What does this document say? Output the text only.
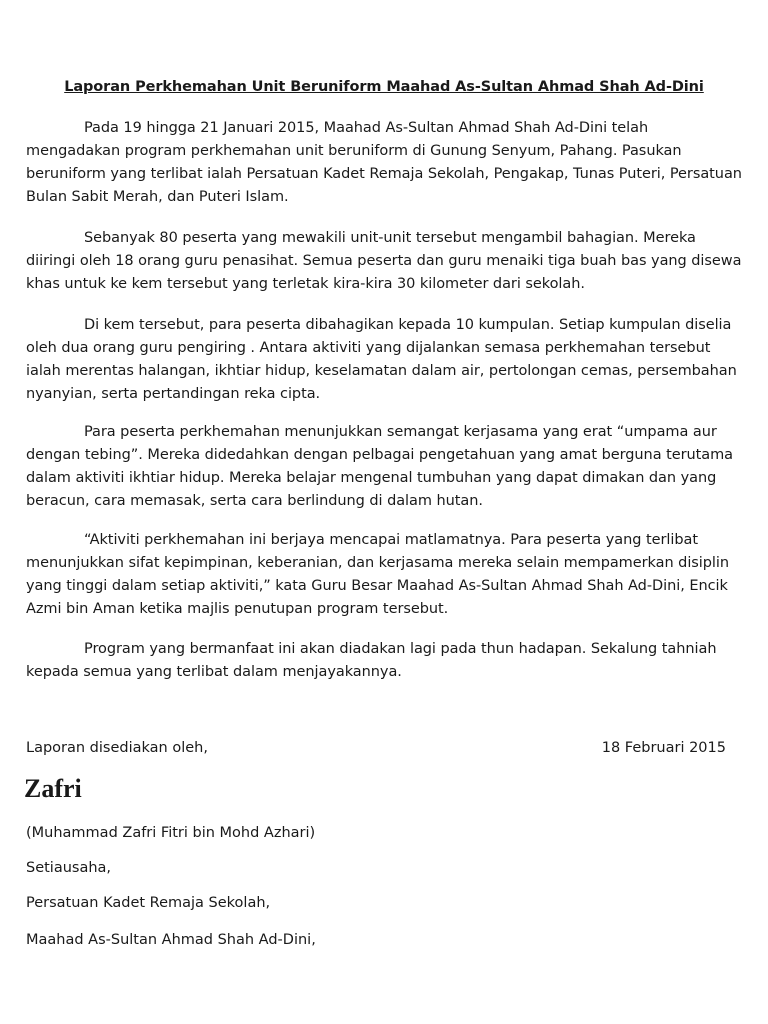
Laporan Perkhemahan Unit Beruniform Maahad As-Sultan Ahmad Shah Ad-Dini

Pada 19 hingga 21 Januari 2015, Maahad As-Sultan Ahmad Shah Ad-Dini telah mengadakan program perkhemahan unit beruniform di Gunung Senyum, Pahang. Pasukan beruniform yang terlibat ialah Persatuan Kadet Remaja Sekolah, Pengakap, Tunas Puteri, Persatuan Bulan Sabit Merah, dan Puteri Islam.

Sebanyak 80 peserta yang mewakili unit-unit tersebut mengambil bahagian. Mereka diiringi oleh 18 orang guru penasihat. Semua peserta dan guru menaiki tiga buah bas yang disewa khas untuk ke kem tersebut yang terletak kira-kira 30 kilometer dari sekolah.

Di kem tersebut, para peserta dibahagikan kepada 10 kumpulan. Setiap kumpulan diselia oleh dua orang guru pengiring . Antara aktiviti yang dijalankan semasa perkhemahan tersebut ialah merentas halangan, ikhtiar hidup, keselamatan dalam air, pertolongan cemas, persembahan nyanyian, serta pertandingan reka cipta.

Para peserta perkhemahan menunjukkan semangat kerjasama yang erat “umpama aur dengan tebing”. Mereka didedahkan dengan pelbagai pengetahuan yang amat berguna terutama dalam aktiviti ikhtiar hidup. Mereka belajar mengenal tumbuhan yang dapat dimakan dan yang beracun, cara memasak, serta cara berlindung di dalam hutan.

“Aktiviti perkhemahan ini berjaya mencapai matlamatnya. Para peserta yang terlibat menunjukkan sifat kepimpinan, keberanian, dan kerjasama mereka selain mempamerkan disiplin yang tinggi dalam setiap aktiviti,” kata Guru Besar Maahad As-Sultan Ahmad Shah Ad-Dini, Encik Azmi bin Aman ketika majlis penutupan program tersebut.

Program yang bermanfaat ini akan diadakan lagi pada thun hadapan. Sekalung tahniah kepada semua yang terlibat dalam menjayakannya.

Laporan disediakan oleh,	18 Februari 2015
Zafri
(Muhammad Zafri Fitri bin Mohd Azhari)
Setiausaha,
Persatuan Kadet Remaja Sekolah,
Maahad As-Sultan Ahmad Shah Ad-Dini,
